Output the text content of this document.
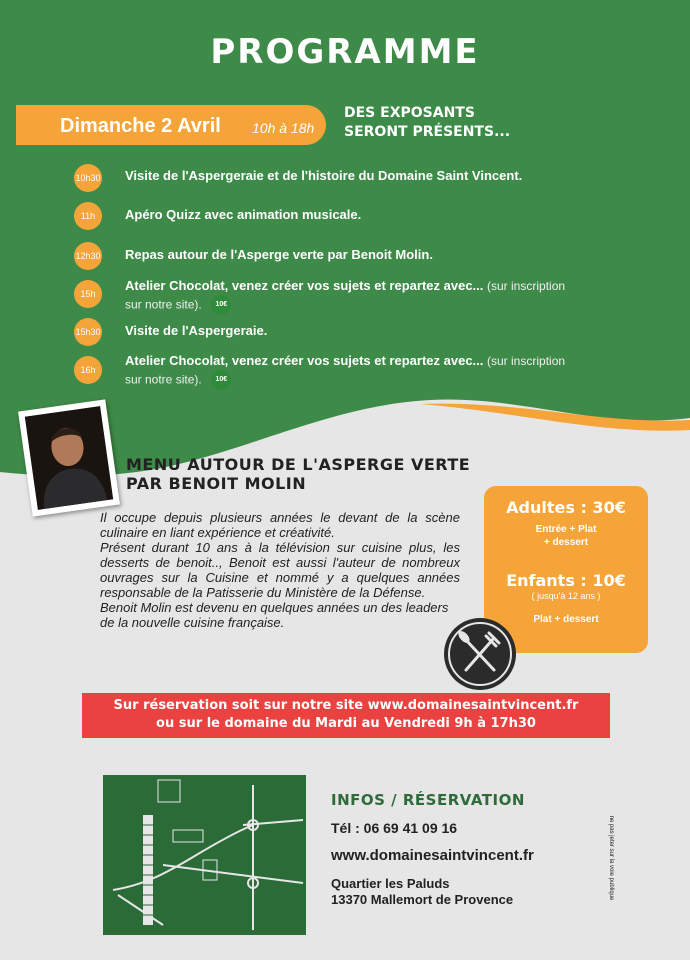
PROGRAMME
Dimanche 2 Avril 10h à 18h
DES EXPOSANTS
SERONT PRÉSENTS...
10h30 Visite de l'Aspergeraie et de l'histoire du Domaine Saint Vincent.
11h	Apéro Quizz avec animation musicale.
12h30 Repas autour de l'Asperge verte par Benoit Molin.
15h
Atelier Chocolat, venez créer vos sujets et repartez avec... (sur inscription
sur notre site). 10€
15h30 Visite de l'Aspergeraie.
16h
Atelier Chocolat, venez créer vos sujets et repartez avec... (sur inscription
sur notre site). 10€
MENU AUTOUR DE L'ASPERGE VERTE
PAR BENOIT MOLIN

Il occupe depuis plusieurs années le devant de la scène culinaire en liant expérience et créativité.

Présent durant 10 ans à la télévision sur cuisine plus, les desserts de benoit.., Benoit est aussi l'auteur de nombreux ouvrages sur la Cuisine et nommé y a quelques années responsable de la Patisserie du Ministère de la Défense.

Benoit Molin est devenu en quelques années un des leaders de la nouvelle cuisine française.

Adultes : 30€
Entrée + Plat
+ dessert
Enfants : 10€
( jusqu'à 12 ans )
Plat + dessert
Sur réservation soit sur notre site www.domainesaintvincent.fr
ou sur le domaine du Mardi au Vendredi 9h à 17h30
INFOS / RÉSERVATION
Tél : 06 69 41 09 16
www.domainesaintvincent.fr
Quartier les Paluds
13370 Mallemort de Provence	ne pas jeter sur la voie publique
